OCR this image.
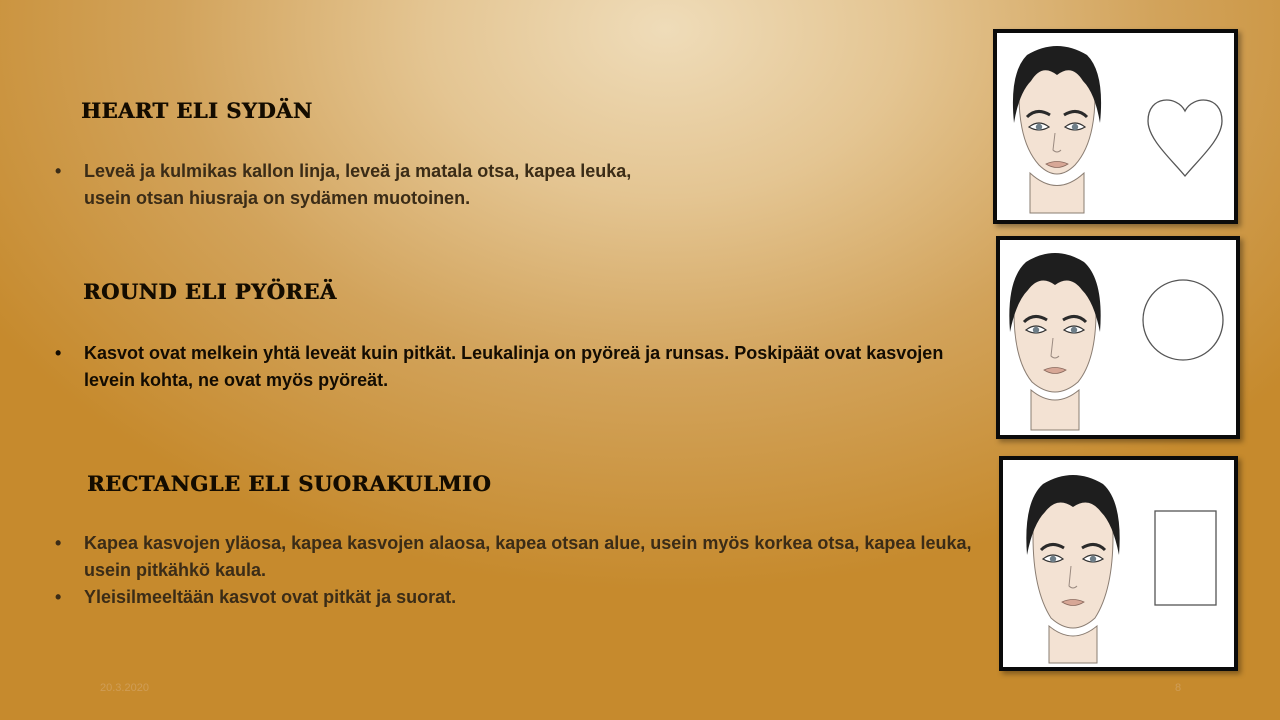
HEART ELI SYDÄN
• Leveä ja kulmikas kallon linja, leveä ja matala otsa, kapea leuka, usein otsan hiusraja on sydämen muotoinen.
ROUND ELI PYÖREÄ
• Kasvot ovat melkein yhtä leveät kuin pitkät. Leukalinja on pyöreä ja runsas. Poskipäät ovat kasvojen levein kohta, ne ovat myös pyöreät.
RECTANGLE ELI SUORAKULMIO
• Kapea kasvojen yläosa, kapea kasvojen alaosa, kapea otsan alue, usein myös korkea otsa, kapea leuka, usein pitkähkö kaula.
• Yleisilmeeltään kasvot ovat pitkät ja suorat.
20.3.2020	8
